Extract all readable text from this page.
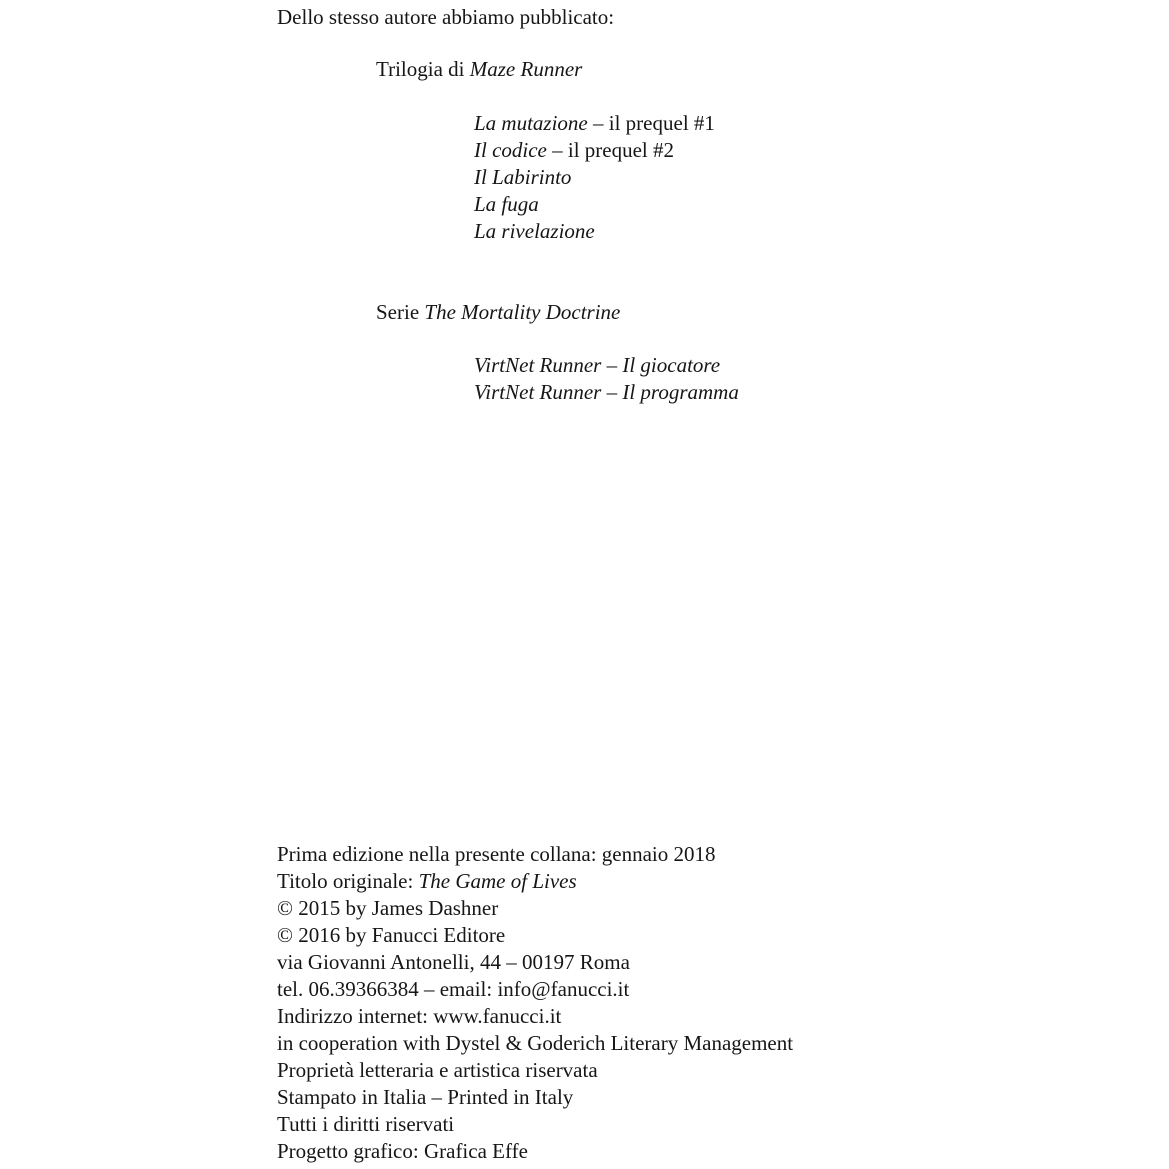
Dello stesso autore abbiamo pubblicato:
Trilogia di Maze Runner
La mutazione – il prequel #1
Il codice – il prequel #2
Il Labirinto
La fuga
La rivelazione
Serie The Mortality Doctrine
VirtNet Runner – Il giocatore
VirtNet Runner – Il programma
Prima edizione nella presente collana: gennaio 2018
Titolo originale: The Game of Lives
© 2015 by James Dashner
© 2016 by Fanucci Editore
via Giovanni Antonelli, 44 – 00197 Roma
tel. 06.39366384 – email: info@fanucci.it
Indirizzo internet: www.fanucci.it
in cooperation with Dystel & Goderich Literary Management
Proprietà letteraria e artistica riservata
Stampato in Italia – Printed in Italy
Tutti i diritti riservati
Progetto grafico: Grafica Effe
